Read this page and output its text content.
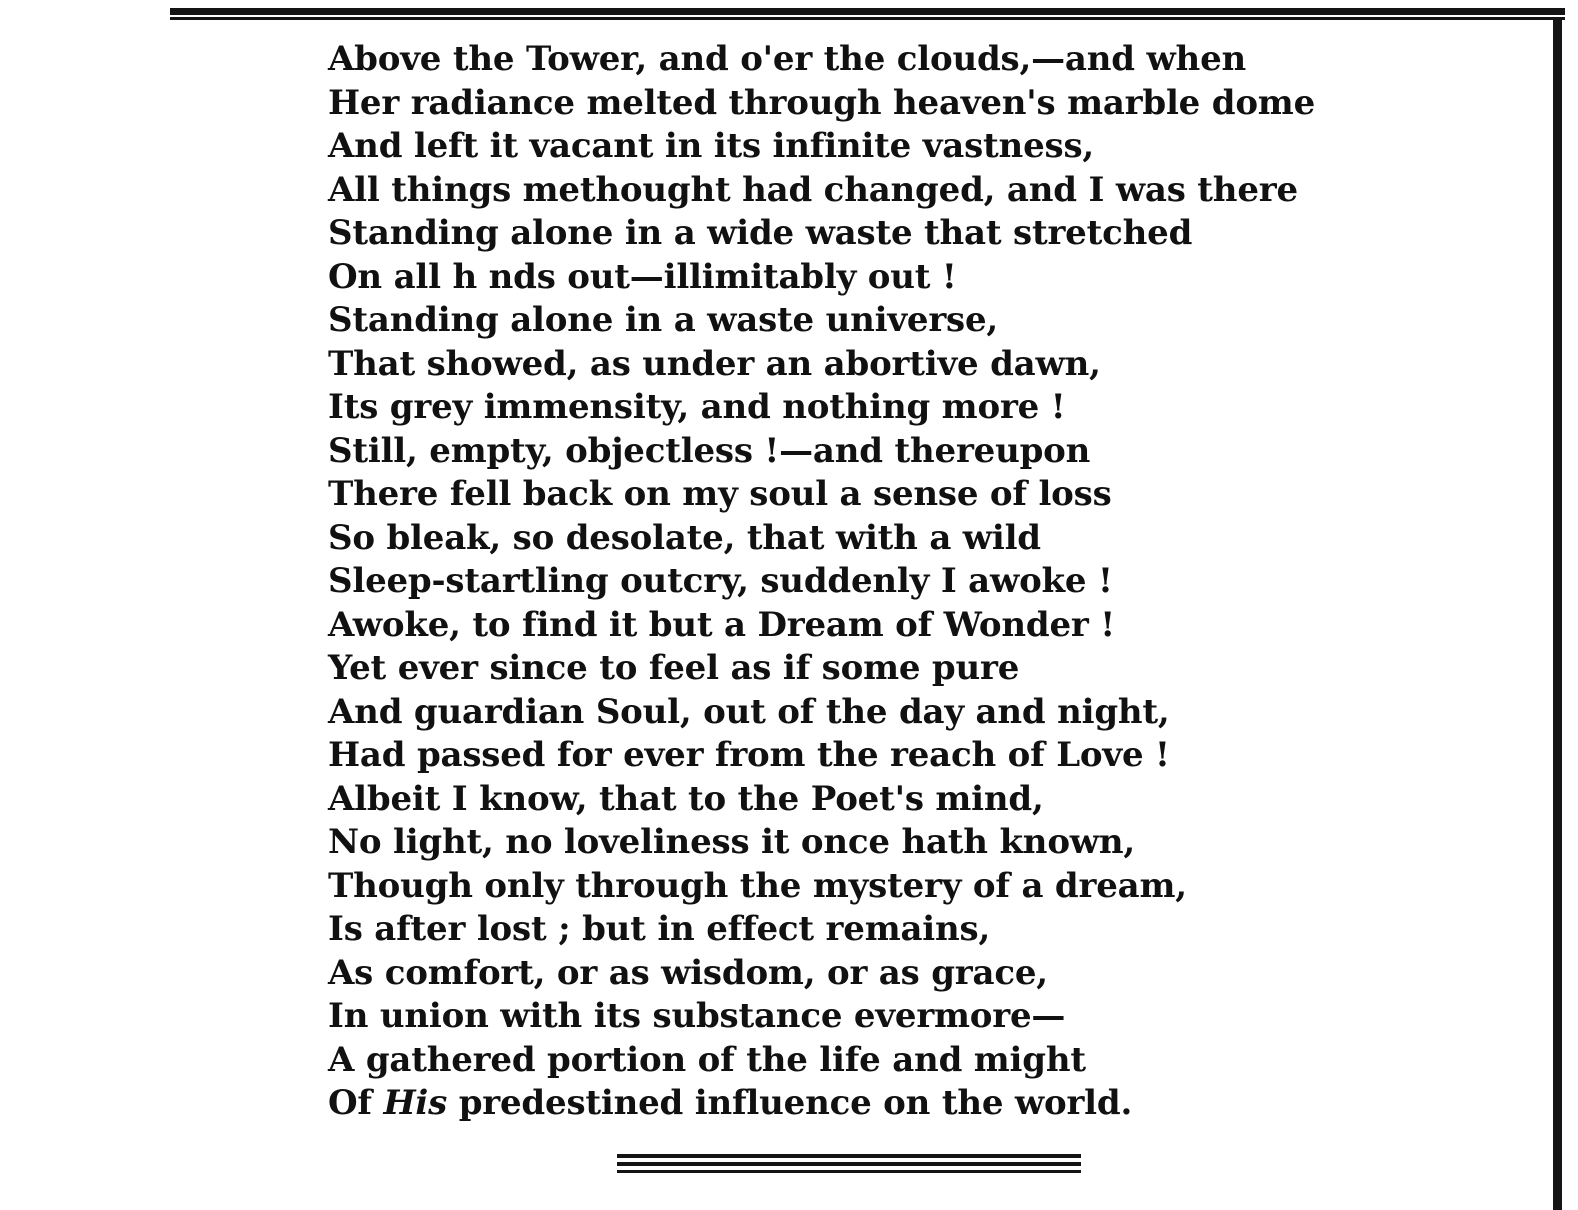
Above the Tower, and o'er the clouds,—and when
Her radiance melted through heaven's marble dome
And left it vacant in its infinite vastness,
All things methought had changed, and I was there
Standing alone in a wide waste that stretched
On all h nds out—illimitably out !
Standing alone in a waste universe,
That showed, as under an abortive dawn,
Its grey immensity, and nothing more !
Still, empty, objectless !—and thereupon
There fell back on my soul a sense of loss
So bleak, so desolate, that with a wild
Sleep-startling outcry, suddenly I awoke !
Awoke, to find it but a Dream of Wonder !
Yet ever since to feel as if some pure
And guardian Soul, out of the day and night,
Had passed for ever from the reach of Love !
Albeit I know, that to the Poet's mind,
No light, no loveliness it once hath known,
Though only through the mystery of a dream,
Is after lost ; but in effect remains,
As comfort, or as wisdom, or as grace,
In union with its substance evermore—
A gathered portion of the life and might
Of His predestined influence on the world.
